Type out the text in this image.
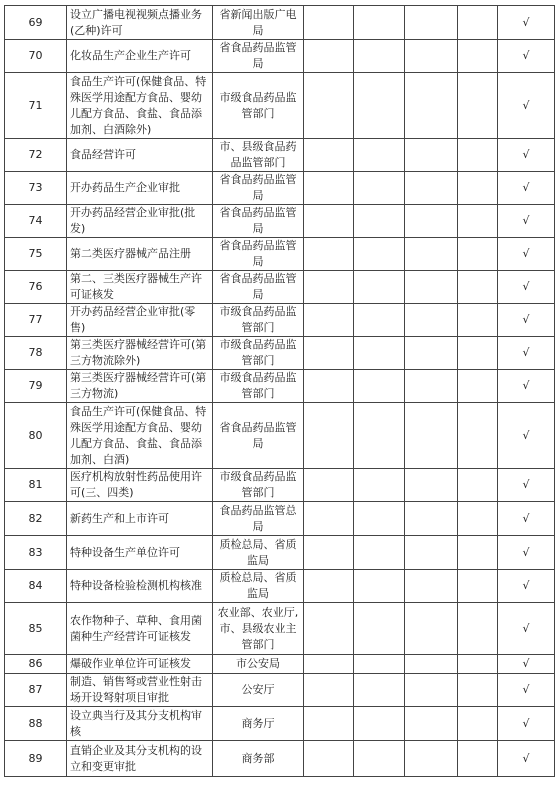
69	设立广播电视视频点播业务(乙种)许可	省新闻出版广电局					√
70	化妆品生产企业生产许可	省食品药品监管局					√
71	食品生产许可(保健食品、特殊医学用途配方食品、婴幼儿配方食品、食盐、食品添加剂、白酒除外)	市级食品药品监管部门					√
72	食品经营许可	市、县级食品药品监管部门					√
73	开办药品生产企业审批	省食品药品监管局					√
74	开办药品经营企业审批(批发)	省食品药品监管局					√
75	第二类医疗器械产品注册	省食品药品监管局					√
76	第二、三类医疗器械生产许可证核发	省食品药品监管局					√
77	开办药品经营企业审批(零售)	市级食品药品监管部门					√
78	第三类医疗器械经营许可(第三方物流除外)	市级食品药品监管部门					√
79	第三类医疗器械经营许可(第三方物流)	市级食品药品监管部门					√
80	食品生产许可(保健食品、特殊医学用途配方食品、婴幼儿配方食品、食盐、食品添加剂、白酒)	省食品药品监管局					√
81	医疗机构放射性药品使用许可(三、四类)	市级食品药品监管部门					√
82	新药生产和上市许可	食品药品监管总局					√
83	特种设备生产单位许可	质检总局、省质监局					√
84	特种设备检验检测机构核准	质检总局、省质监局					√
85	农作物种子、草种、食用菌菌种生产经营许可证核发	农业部、农业厅,市、县级农业主管部门					√
86	爆破作业单位许可证核发	市公安局					√
87	制造、销售弩或营业性射击场开设弩射项目审批	公安厅					√
88	设立典当行及其分支机构审核	商务厅					√
89	直销企业及其分支机构的设立和变更审批	商务部					√
